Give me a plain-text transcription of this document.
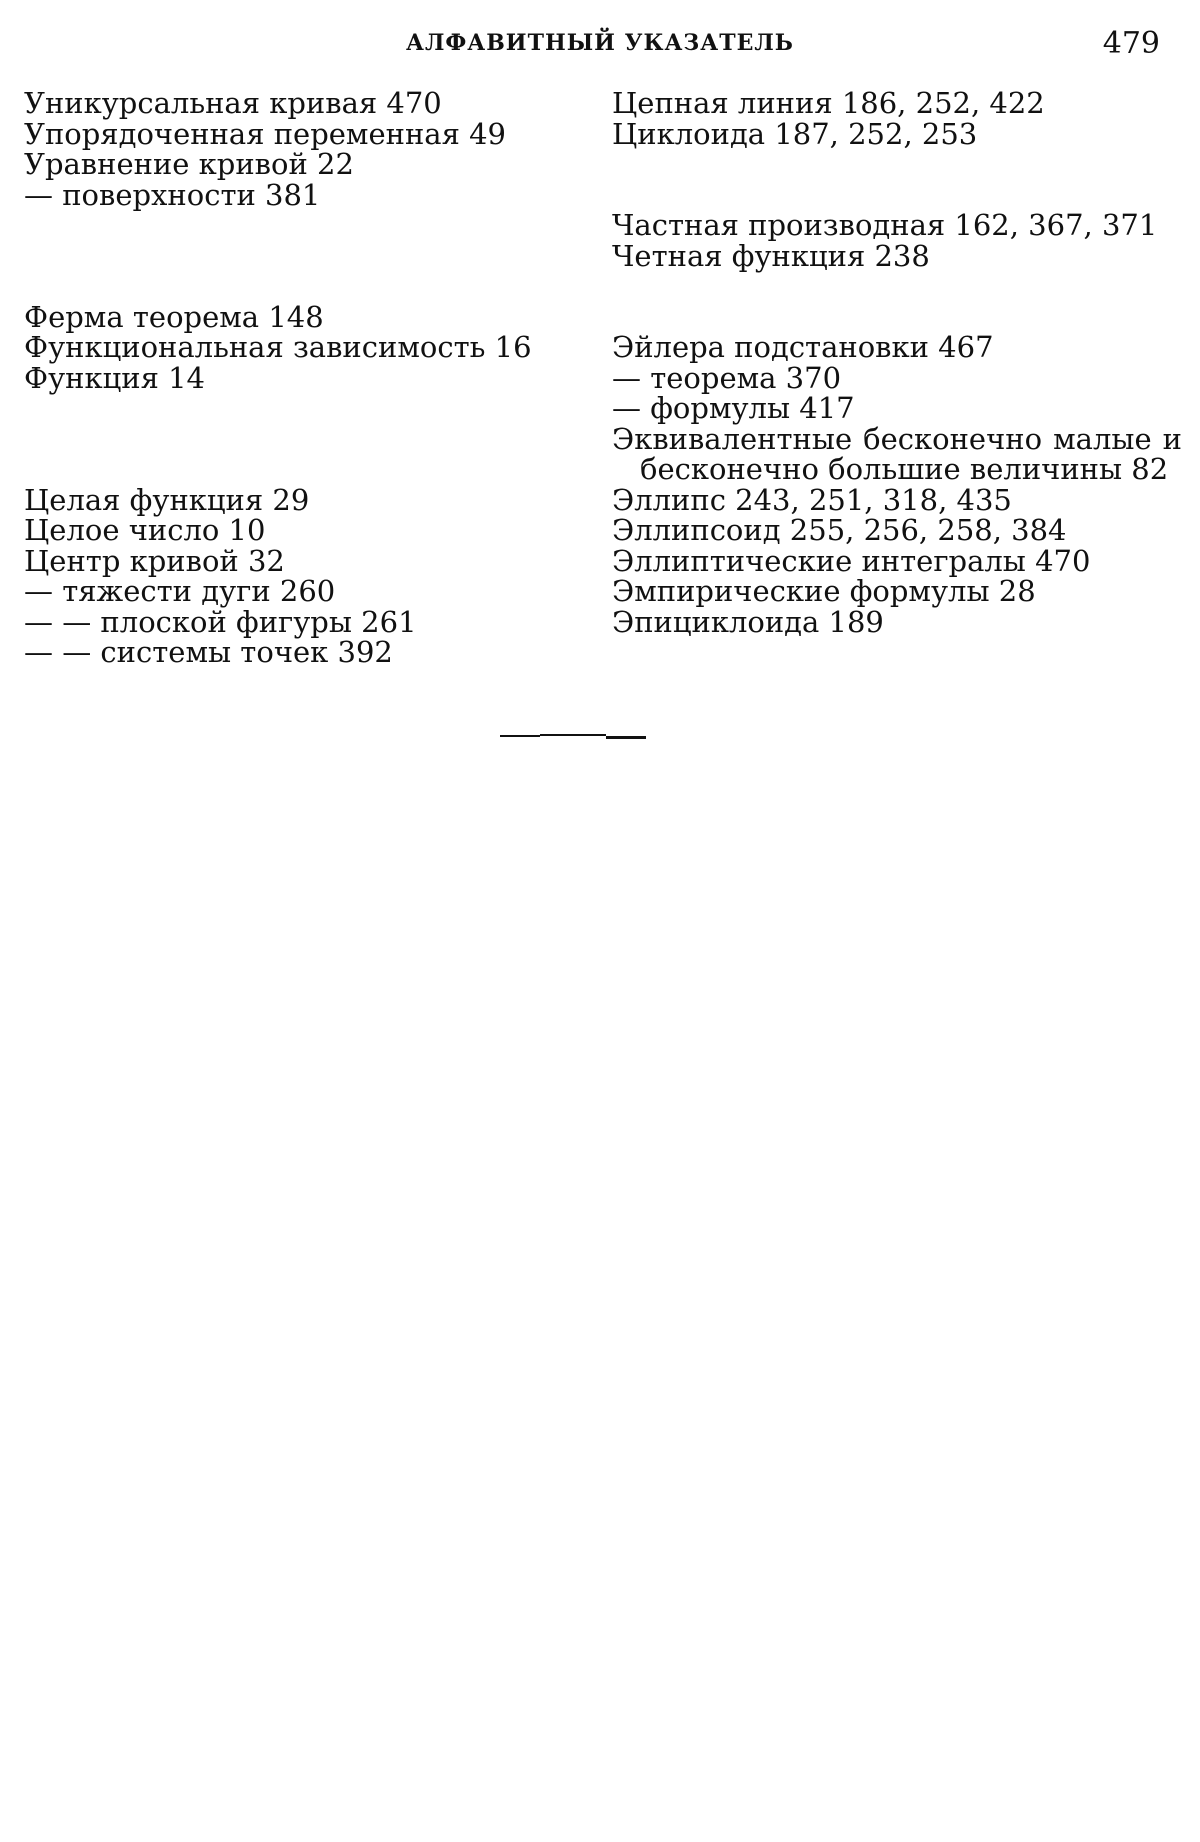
АЛФАВИТНЫЙ УКАЗАТЕЛЬ	479
Уникурсальная кривая 470
Упорядоченная переменная 49
Уравнение кривой 22
— поверхности 381
Ферма теорема 148
Функциональная зависимость 16
Функция 14
Целая функция 29
Целое число 10
Центр кривой 32
— тяжести дуги 260
— — плоской фигуры 261
— — системы точек 392
Цепная линия 186, 252, 422
Циклоида 187, 252, 253
Частная производная 162, 367, 371
Четная функция 238
Эйлера подстановки 467
— теорема 370
— формулы 417
Эквивалентные бесконечно малые и бесконечно большие величины 82
Эллипс 243, 251, 318, 435
Эллипсоид 255, 256, 258, 384
Эллиптические интегралы 470
Эмпирические формулы 28
Эпициклоида 189
